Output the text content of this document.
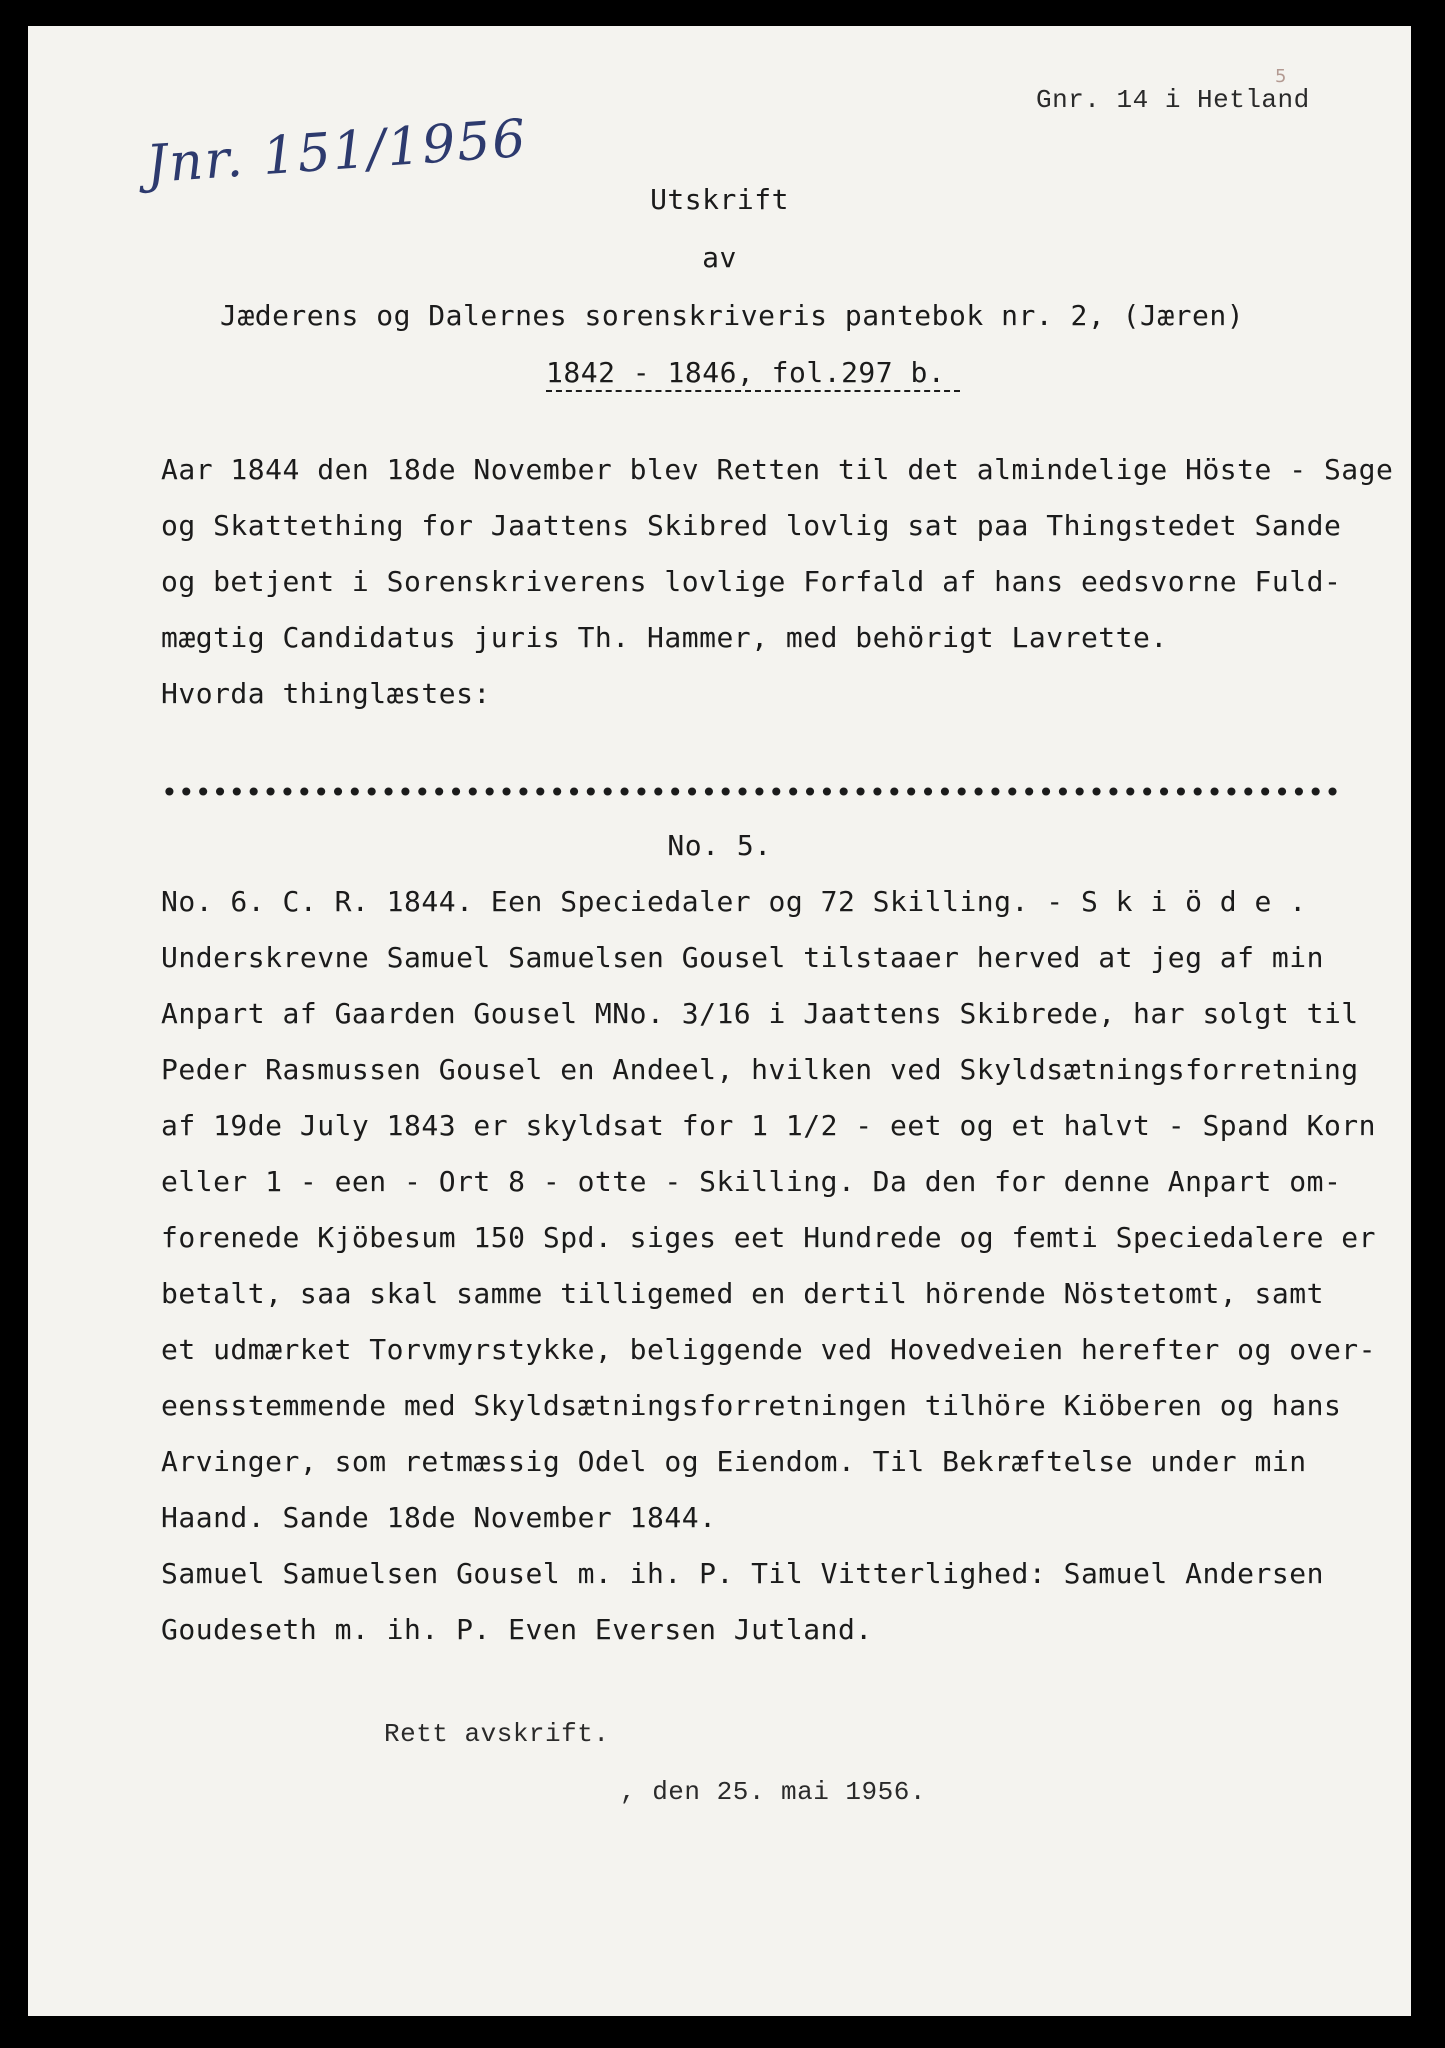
5
Gnr. 14 i Hetland
Jnr. 151/1956
Utskrift
av
Jæderens og Dalernes sorenskriveris pantebok nr. 2, (Jæren)
1842 - 1846, fol.297 b.
Aar 1844 den 18de November blev Retten til det almindelige Höste - Sage
og Skattething for Jaattens Skibred lovlig sat paa Thingstedet Sande
og betjent i Sorenskriverens lovlige Forfald af hans eedsvorne Fuld-
mægtig Candidatus juris Th. Hammer, med behörigt Lavrette.
Hvorda thinglæstes:
••••••••••••••••••••••••••••••••••••••••••••••••••••••••••••••••••••••
No. 5.
No. 6. C. R. 1844. Een Speciedaler og 72 Skilling. - S k i ö d e .
Underskrevne Samuel Samuelsen Gousel tilstaaer herved at jeg af min
Anpart af Gaarden Gousel MNo. 3/16 i Jaattens Skibrede, har solgt til
Peder Rasmussen Gousel en Andeel, hvilken ved Skyldsætningsforretning
af 19de July 1843 er skyldsat for 1 1/2 - eet og et halvt - Spand Korn
eller 1 - een - Ort 8 - otte - Skilling. Da den for denne Anpart om-
forenede Kjöbesum 150 Spd. siges eet Hundrede og femti Speciedalere er
betalt, saa skal samme tilligemed en dertil hörende Nöstetomt, samt
et udmærket Torvmyrstykke, beliggende ved Hovedveien herefter og over-
eensstemmende med Skyldsætningsforretningen tilhöre Kiöberen og hans
Arvinger, som retmæssig Odel og Eiendom. Til Bekræftelse under min
Haand. Sande 18de November 1844.
Samuel Samuelsen Gousel m. ih. P. Til Vitterlighed: Samuel Andersen
Goudeseth m. ih. P. Even Eversen Jutland.
Rett avskrift.
, den 25. mai 1956.
